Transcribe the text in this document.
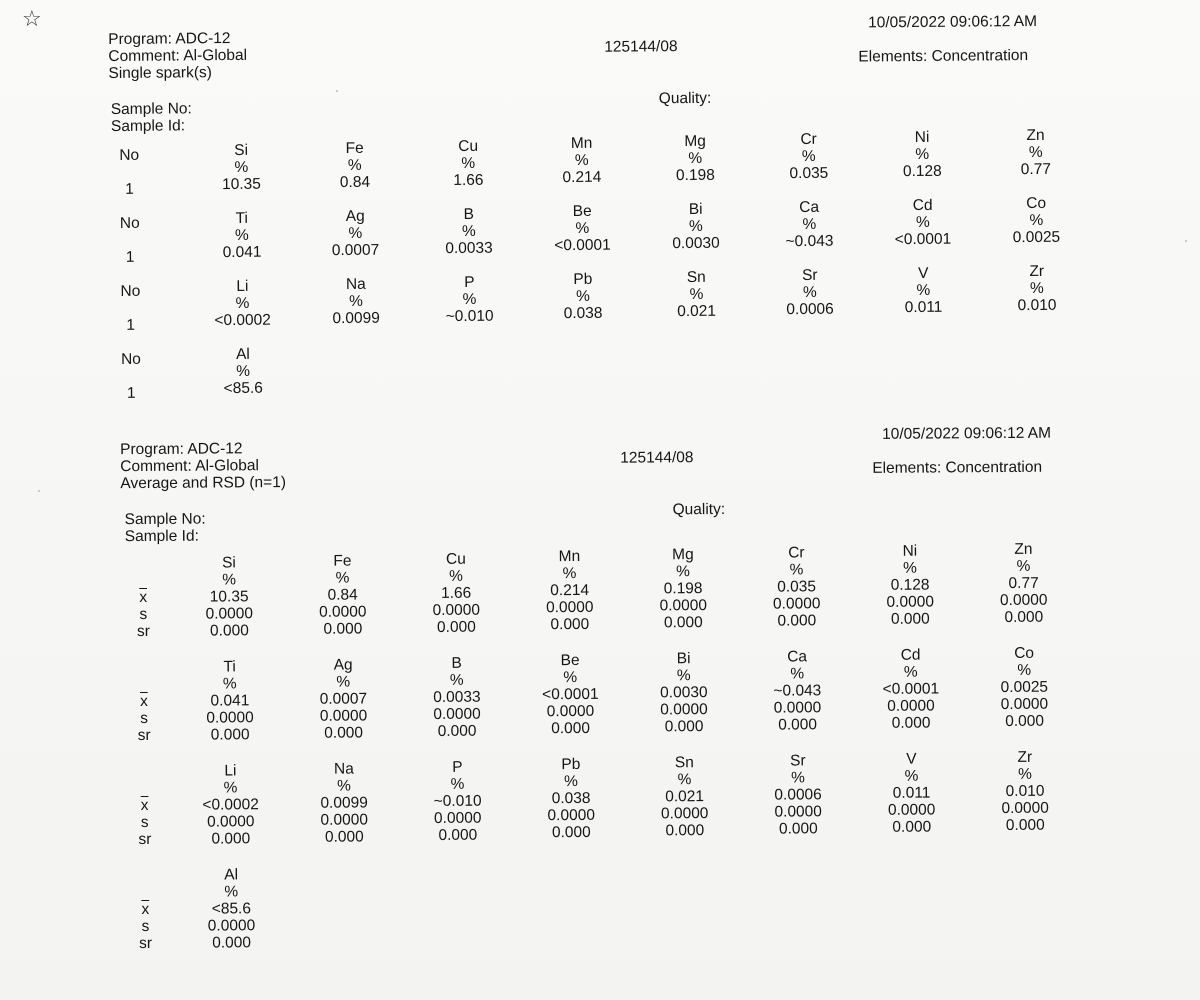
☆
Program: ADC-12
Comment: Al-Global
Single spark(s)
125144/08
10/05/2022 09:06:12 AM
Elements: Concentration
Quality:
Sample No:
Sample Id:
No
1
Si
%
10.35
Fe
%
0.84
Cu
%
1.66
Mn
%
0.214
Mg
%
0.198
Cr
%
0.035
Ni
%
0.128
Zn
%
0.77
No
1
Ti
%
0.041
Ag
%
0.0007
B
%
0.0033
Be
%
<0.0001
Bi
%
0.0030
Ca
%
~0.043
Cd
%
<0.0001
Co
%
0.0025
No
1
Li
%
<0.0002
Na
%
0.0099
P
%
~0.010
Pb
%
0.038
Sn
%
0.021
Sr
%
0.0006
V
%
0.011
Zr
%
0.010
No
1
Al
%
<85.6
Program: ADC-12
Comment: Al-Global
Average and RSD (n=1)
125144/08
10/05/2022 09:06:12 AM
Elements: Concentration
Quality:
Sample No:
Sample Id:
$\overline{x}$
s
sr
Si
%
10.35
0.0000
0.000
Fe
%
0.84
0.0000
0.000
Cu
%
1.66
0.0000
0.000
Mn
%
0.214
0.0000
0.000
Mg
%
0.198
0.0000
0.000
Cr
%
0.035
0.0000
0.000
Ni
%
0.128
0.0000
0.000
Zn
%
0.77
0.0000
0.000
$\overline{x}$
s
sr
Ti
%
0.041
0.0000
0.000
Ag
%
0.0007
0.0000
0.000
B
%
0.0033
0.0000
0.000
Be
%
<0.0001
0.0000
0.000
Bi
%
0.0030
0.0000
0.000
Ca
%
~0.043
0.0000
0.000
Cd
%
<0.0001
0.0000
0.000
Co
%
0.0025
0.0000
0.000
$\overline{x}$
s
sr
Li
%
<0.0002
0.0000
0.000
Na
%
0.0099
0.0000
0.000
P
%
~0.010
0.0000
0.000
Pb
%
0.038
0.0000
0.000
Sn
%
0.021
0.0000
0.000
Sr
%
0.0006
0.0000
0.000
V
%
0.011
0.0000
0.000
Zr
%
0.010
0.0000
0.000
$\overline{x}$
s
sr
Al
%
<85.6
0.0000
0.000
